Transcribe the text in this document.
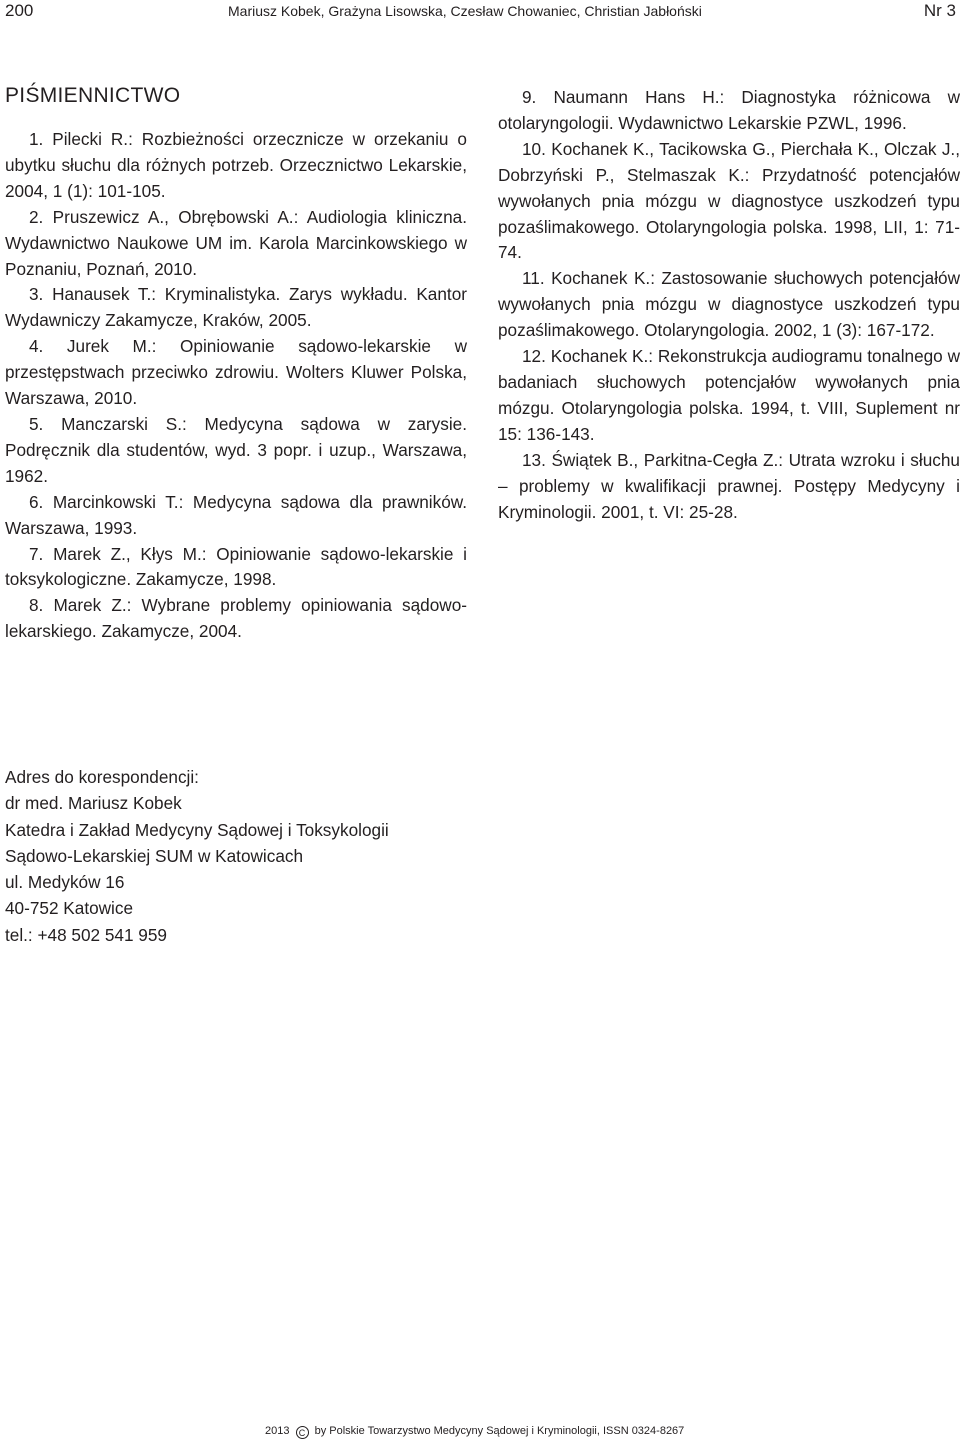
200	Mariusz Kobek, Grażyna Lisowska, Czesław Chowaniec, Christian Jabłoński	Nr 3
PIŚMIENNICTWO

1. Pilecki R.: Rozbieżności orzecznicze w orzekaniu o ubytku słuchu dla różnych potrzeb. Orzecznictwo Lekarskie, 2004, 1 (1): 101-105.

2. Pruszewicz A., Obrębowski A.: Audiologia kliniczna. Wydawnictwo Naukowe UM im. Karola Marcinkowskiego w Poznaniu, Poznań, 2010.

3. Hanausek T.: Kryminalistyka. Zarys wykładu. Kantor Wydawniczy Zakamycze, Kraków, 2005.

4. Jurek M.: Opiniowanie sądowo-lekarskie w przestępstwach przeciwko zdrowiu. Wolters Kluwer Polska, Warszawa, 2010.

5. Manczarski S.: Medycyna sądowa w zarysie. Podręcznik dla studentów, wyd. 3 popr. i uzup., Warszawa, 1962.

6. Marcinkowski T.: Medycyna sądowa dla prawników. Warszawa, 1993.

7. Marek Z., Kłys M.: Opiniowanie sądowo-lekarskie i toksykologiczne. Zakamycze, 1998.

8. Marek Z.: Wybrane problemy opiniowania sądowo-lekarskiego. Zakamycze, 2004.

9. Naumann Hans H.: Diagnostyka różnicowa w otolaryngologii. Wydawnictwo Lekarskie PZWL, 1996.

10. Kochanek K., Tacikowska G., Pierchała K., Olczak J., Dobrzyński P., Stelmaszak K.: Przydatność potencjałów wywołanych pnia mózgu w diagnostyce uszkodzeń typu pozaślimakowego. Otolaryngologia polska. 1998, LII, 1: 71-74.

11. Kochanek K.: Zastosowanie słuchowych potencjałów wywołanych pnia mózgu w diagnostyce uszkodzeń typu pozaślimakowego. Otolaryngologia. 2002, 1 (3): 167-172.

12. Kochanek K.: Rekonstrukcja audiogramu tonalnego w badaniach słuchowych potencjałów wywołanych pnia mózgu. Otolaryngologia polska. 1994, t. VIII, Suplement nr 15: 136-143.

13. Świątek B., Parkitna-Cegła Z.: Utrata wzroku i słuchu – problemy w kwalifikacji prawnej. Postępy Medycyny i Kryminologii. 2001, t. VI: 25-28.

Adres do korespondencji:
dr med. Mariusz Kobek
Katedra i Zakład Medycyny Sądowej i Toksykologii
Sądowo-Lekarskiej SUM w Katowicach
ul. Medyków 16
40-752 Katowice
tel.: +48 502 541 959
2013 C by Polskie Towarzystwo Medycyny Sądowej i Kryminologii, ISSN 0324-8267
